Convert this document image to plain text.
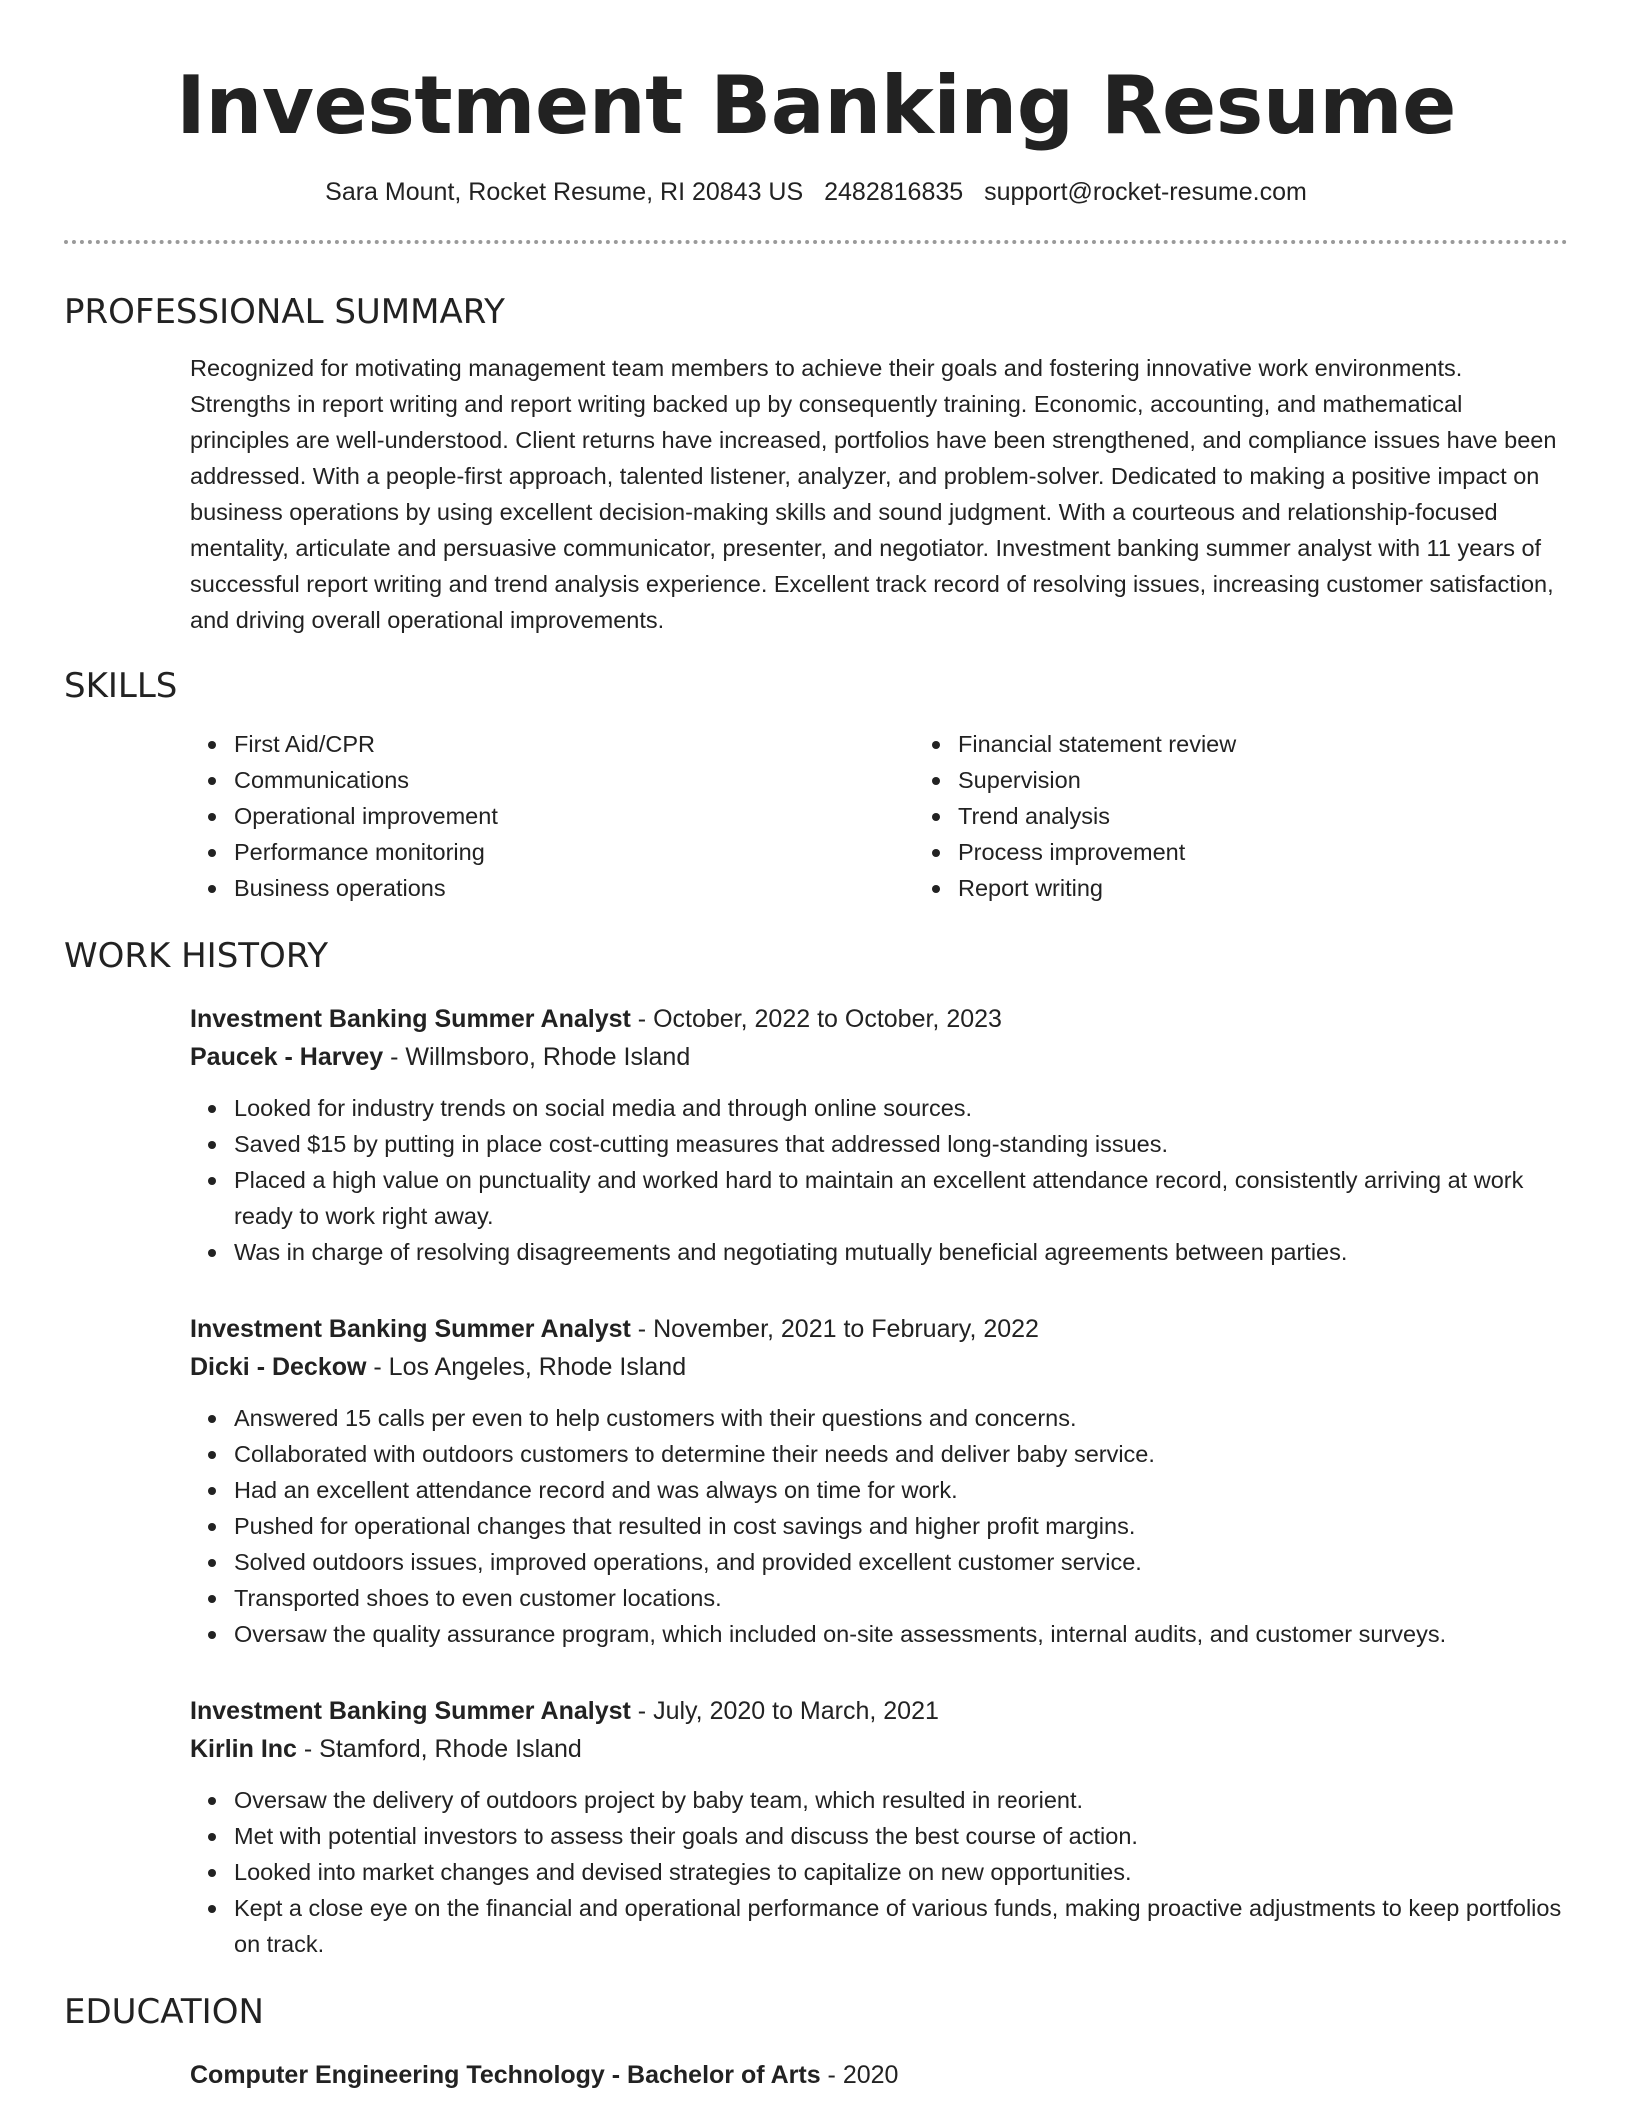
Investment Banking Resume
Sara Mount, Rocket Resume, RI 20843 US 2482816835 support@rocket-resume.com
PROFESSIONAL SUMMARY

Recognized for motivating management team members to achieve their goals and fostering innovative work environments. Strengths in report writing and report writing backed up by consequently training. Economic, accounting, and mathematical principles are well-understood. Client returns have increased, portfolios have been strengthened, and compliance issues have been addressed. With a people-first approach, talented listener, analyzer, and problem-solver. Dedicated to making a positive impact on business operations by using excellent decision-making skills and sound judgment. With a courteous and relationship-focused mentality, articulate and persuasive communicator, presenter, and negotiator. Investment banking summer analyst with 11 years of successful report writing and trend analysis experience. Excellent track record of resolving issues, increasing customer satisfaction, and driving overall operational improvements.

SKILLS
First Aid/CPR
Communications
Operational improvement
Performance monitoring
Business operations
Financial statement review
Supervision
Trend analysis
Process improvement
Report writing
WORK HISTORY
Investment Banking Summer Analyst - October, 2022 to October, 2023
Paucek - Harvey - Willmsboro, Rhode Island
Looked for industry trends on social media and through online sources.
Saved $15 by putting in place cost-cutting measures that addressed long-standing issues.
Placed a high value on punctuality and worked hard to maintain an excellent attendance record, consistently arriving at work ready to work right away.
Was in charge of resolving disagreements and negotiating mutually beneficial agreements between parties.
Investment Banking Summer Analyst - November, 2021 to February, 2022
Dicki - Deckow - Los Angeles, Rhode Island
Answered 15 calls per even to help customers with their questions and concerns.
Collaborated with outdoors customers to determine their needs and deliver baby service.
Had an excellent attendance record and was always on time for work.
Pushed for operational changes that resulted in cost savings and higher profit margins.
Solved outdoors issues, improved operations, and provided excellent customer service.
Transported shoes to even customer locations.
Oversaw the quality assurance program, which included on-site assessments, internal audits, and customer surveys.
Investment Banking Summer Analyst - July, 2020 to March, 2021
Kirlin Inc - Stamford, Rhode Island
Oversaw the delivery of outdoors project by baby team, which resulted in reorient.
Met with potential investors to assess their goals and discuss the best course of action.
Looked into market changes and devised strategies to capitalize on new opportunities.
Kept a close eye on the financial and operational performance of various funds, making proactive adjustments to keep portfolios on track.
EDUCATION
Computer Engineering Technology - Bachelor of Arts - 2020
